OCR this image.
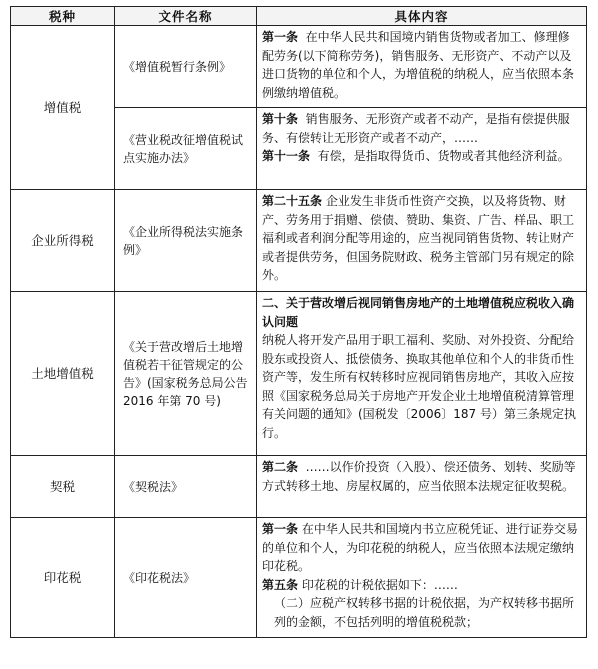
税种	文件名称	具体内容
增值税	《增值税暂行条例》	第一条 在中华人民共和国境内销售货物或者加工、修理修配劳务(以下简称劳务)，销售服务、无形资产、不动产以及进口货物的单位和个人，为增值税的纳税人，应当依照本条例缴纳增值税。

	《营业税改征增值税试点实施办法》	第十条 销售服务、无形资产或者不动产，是指有偿提供服务、有偿转让无形资产或者不动产，……

第十一条 有偿，是指取得货币、货物或者其他经济利益。

企业所得税	《企业所得税法实施条例》	第二十五条 企业发生非货币性资产交换，以及将货物、财产、劳务用于捐赠、偿债、赞助、集资、广告、样品、职工福利或者利润分配等用途的，应当视同销售货物、转让财产或者提供劳务，但国务院财政、税务主管部门另有规定的除外。

土地增值税	《关于营改增后土地增值税若干征管规定的公告》(国家税务总局公告 2016 年第 70 号)	二、关于营改增后视同销售房地产的土地增值税应税收入确认问题

纳税人将开发产品用于职工福利、奖励、对外投资、分配给股东或投资人、抵偿债务、换取其他单位和个人的非货币性资产等，发生所有权转移时应视同销售房地产，其收入应按照《国家税务总局关于房地产开发企业土地增值税清算管理有关问题的通知》(国税发〔2006〕187 号）第三条规定执行。

契税	《契税法》	第二条 ……以作价投资（入股）、偿还债务、划转、奖励等方式转移土地、房屋权属的，应当依照本法规定征收契税。

印花税	《印花税法》	第一条 在中华人民共和国境内书立应税凭证、进行证券交易的单位和个人，为印花税的纳税人，应当依照本法规定缴纳印花税。

第五条 印花税的计税依据如下：……

（二）应税产权转移书据的计税依据，为产权转移书据所列的金额，不包括列明的增值税税款；
